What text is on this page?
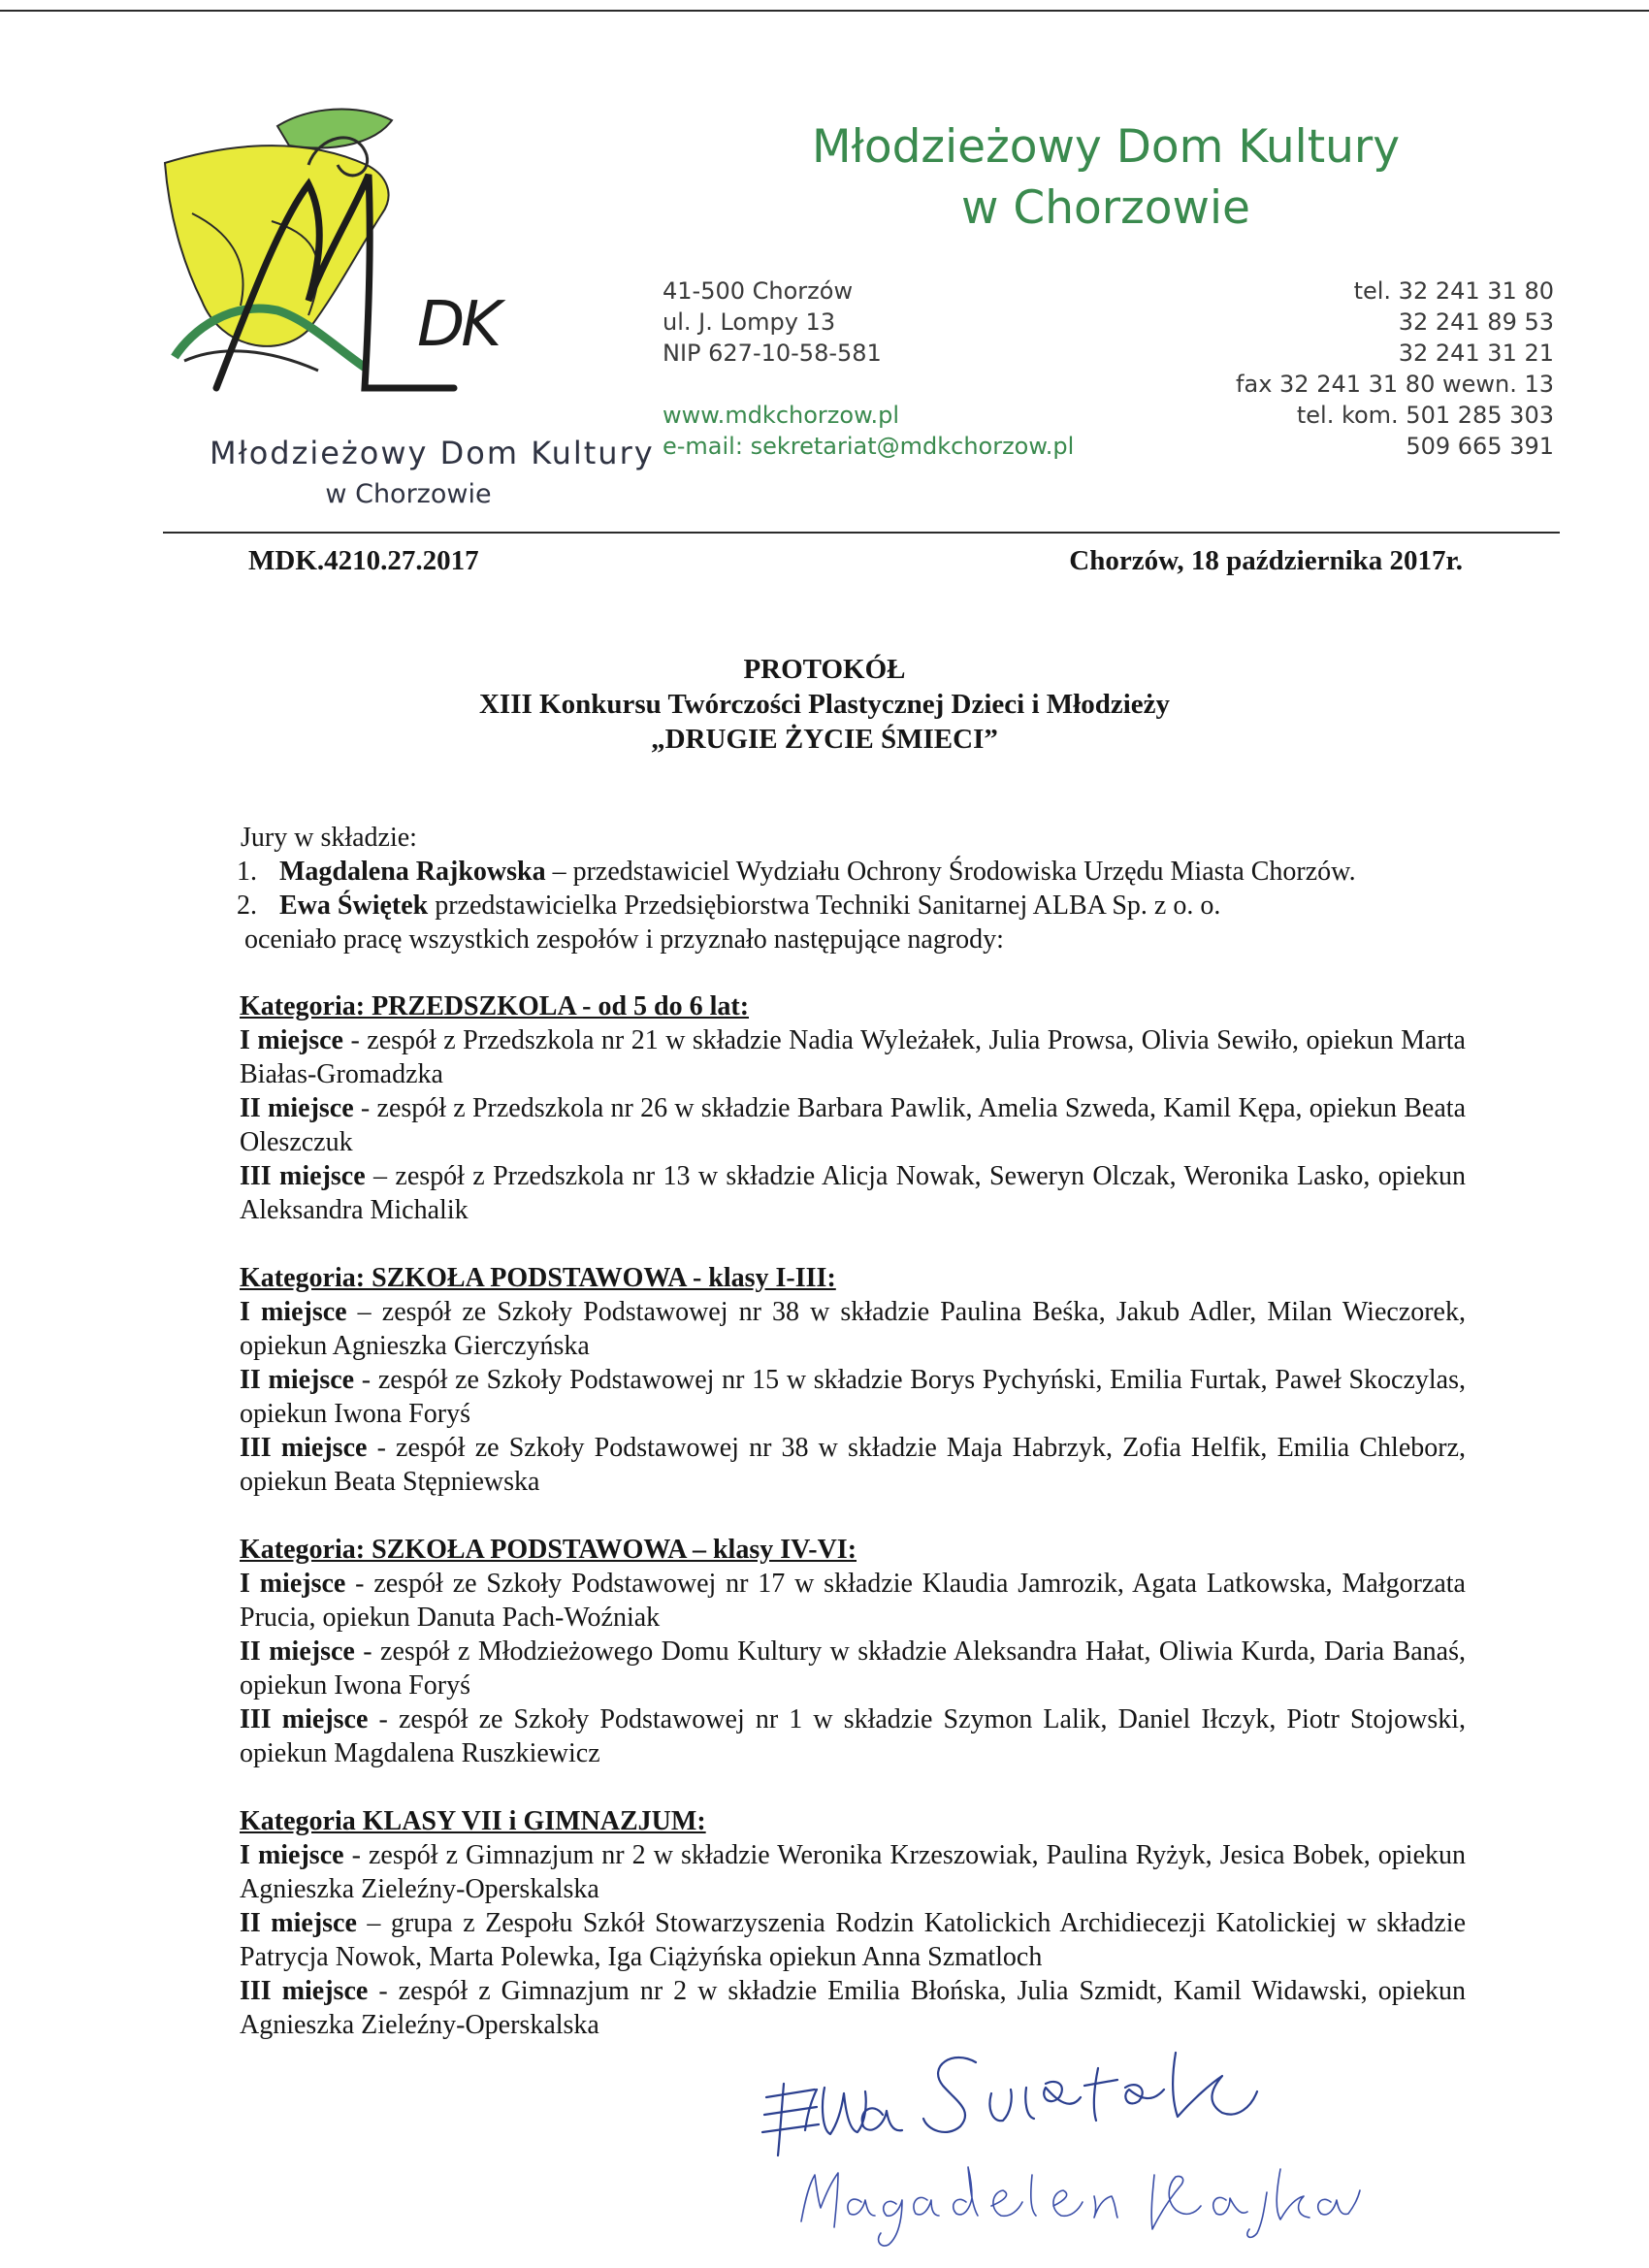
DK
Młodzieżowy Dom Kultury
w Chorzowie
Młodzieżowy Dom Kultury
w Chorzowie
41-500 Chorzów
ul. J. Lompy 13
NIP 627-10-58-581
www.mdkchorzow.pl
e-mail: sekretariat@mdkchorzow.pl
tel. 32 241 31 80
32 241 89 53
32 241 31 21
fax 32 241 31 80 wewn. 13
tel. kom. 501 285 303
509 665 391
MDK.4210.27.2017	Chorzów, 18 października 2017r.
PROTOKÓŁ
XIII Konkursu Twórczości Plastycznej Dzieci i Młodzieży
„DRUGIE ŻYCIE ŚMIECI”
Jury w składzie:
1. Magdalena Rajkowska – przedstawiciel Wydziału Ochrony Środowiska Urzędu Miasta Chorzów.
2. Ewa Świętek przedstawicielka Przedsiębiorstwa Techniki Sanitarnej ALBA Sp. z o. o.
oceniało pracę wszystkich zespołów i przyznało następujące nagrody:
Kategoria: PRZEDSZKOLA - od 5 do 6 lat:
I miejsce - zespół z Przedszkola nr 21 w składzie Nadia Wyleżałek, Julia Prowsa, Olivia Sewiło, opiekun Marta Białas-Gromadzka
II miejsce - zespół z Przedszkola nr 26 w składzie Barbara Pawlik, Amelia Szweda, Kamil Kępa, opiekun Beata Oleszczuk
III miejsce – zespół z Przedszkola nr 13 w składzie Alicja Nowak, Seweryn Olczak, Weronika Lasko, opiekun Aleksandra Michalik
Kategoria: SZKOŁA PODSTAWOWA - klasy I-III:
I miejsce – zespół ze Szkoły Podstawowej nr 38 w składzie Paulina Beśka, Jakub Adler, Milan Wieczorek, opiekun Agnieszka Gierczyńska
II miejsce - zespół ze Szkoły Podstawowej nr 15 w składzie Borys Pychyński, Emilia Furtak, Paweł Skoczylas, opiekun Iwona Foryś
III miejsce - zespół ze Szkoły Podstawowej nr 38 w składzie Maja Habrzyk, Zofia Helfik, Emilia Chleborz, opiekun Beata Stępniewska
Kategoria: SZKOŁA PODSTAWOWA – klasy IV-VI:
I miejsce - zespół ze Szkoły Podstawowej nr 17 w składzie Klaudia Jamrozik, Agata Latkowska, Małgorzata Prucia, opiekun Danuta Pach-Woźniak
II miejsce - zespół z Młodzieżowego Domu Kultury w składzie Aleksandra Hałat, Oliwia Kurda, Daria Banaś, opiekun Iwona Foryś
III miejsce - zespół ze Szkoły Podstawowej nr 1 w składzie Szymon Lalik, Daniel Iłczyk, Piotr Stojowski, opiekun Magdalena Ruszkiewicz
Kategoria KLASY VII i GIMNAZJUM:
I miejsce - zespół z Gimnazjum nr 2 w składzie Weronika Krzeszowiak, Paulina Ryżyk, Jesica Bobek, opiekun Agnieszka Zieleźny-Operskalska
II miejsce – grupa z Zespołu Szkół Stowarzyszenia Rodzin Katolickich Archidiecezji Katolickiej w składzie Patrycja Nowok, Marta Polewka, Iga Ciążyńska opiekun Anna Szmatloch
III miejsce - zespół z Gimnazjum nr 2 w składzie Emilia Błońska, Julia Szmidt, Kamil Widawski, opiekun Agnieszka Zieleźny-Operskalska
